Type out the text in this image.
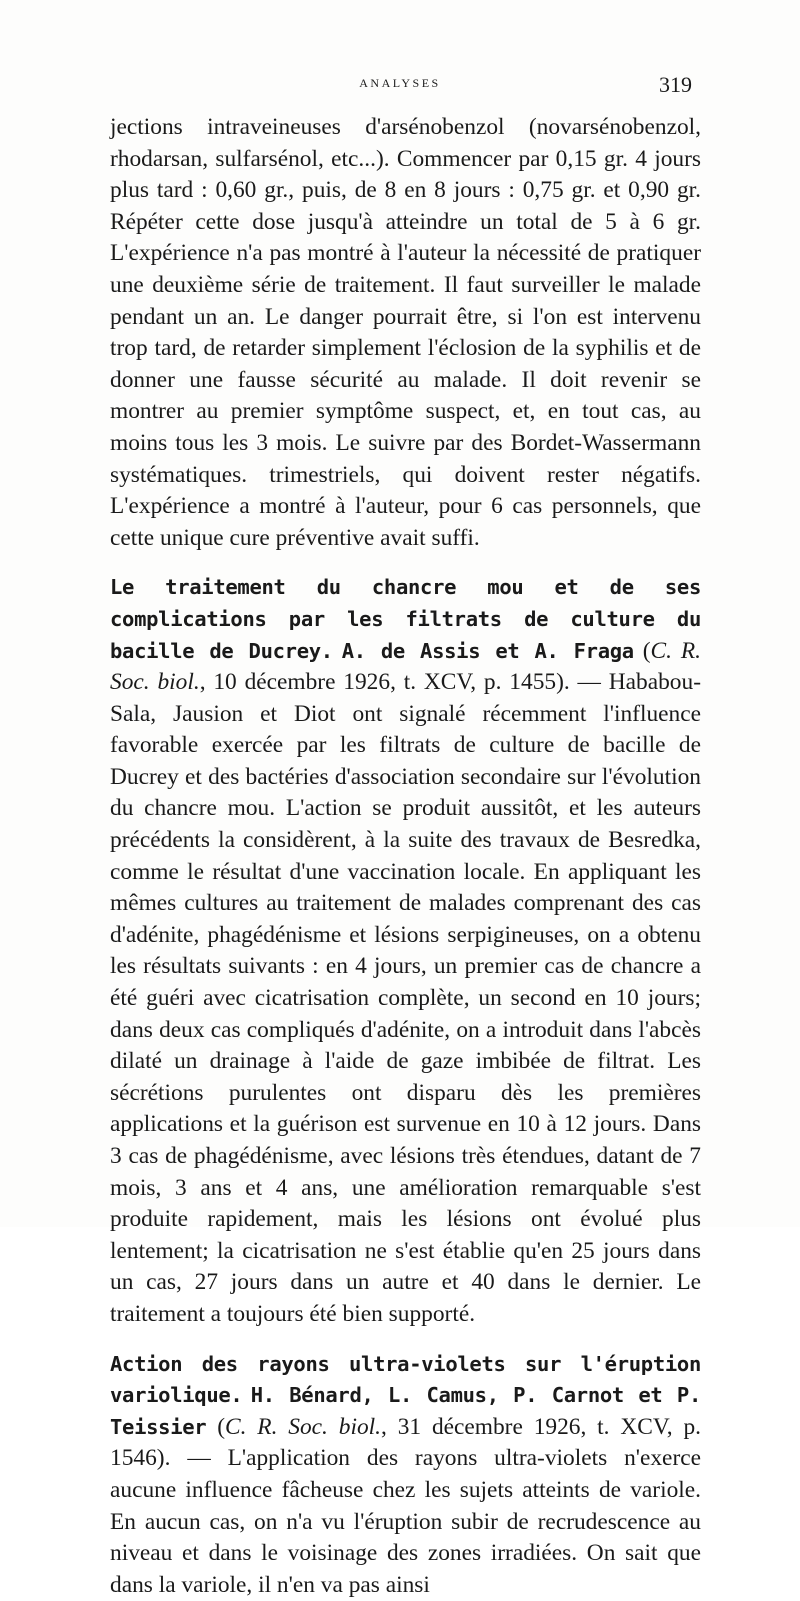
ANALYSES	319

jections intraveineuses d'arsénobenzol (novarsénobenzol, rhodarsan, sulfarsénol, etc...). Commencer par 0,15 gr. 4 jours plus tard : 0,60 gr., puis, de 8 en 8 jours : 0,75 gr. et 0,90 gr. Répéter cette dose jusqu'à atteindre un total de 5 à 6 gr. L'expérience n'a pas montré à l'auteur la nécessité de pratiquer une deuxième série de traitement. Il faut surveiller le malade pendant un an. Le danger pourrait être, si l'on est intervenu trop tard, de retarder simplement l'éclosion de la syphilis et de donner une fausse sécurité au malade. Il doit revenir se montrer au premier symptôme suspect, et, en tout cas, au moins tous les 3 mois. Le suivre par des Bordet-Wassermann systématiques. trimestriels, qui doivent rester négatifs. L'expérience a montré à l'auteur, pour 6 cas personnels, que cette unique cure préventive avait suffi.

Le traitement du chancre mou et de ses complications par les filtrats de culture du bacille de Ducrey. A. de Assis et A. Fraga (C. R. Soc. biol., 10 décembre 1926, t. XCV, p. 1455). — Hababou-Sala, Jausion et Diot ont signalé récemment l'influence favorable exercée par les filtrats de culture de bacille de Ducrey et des bactéries d'association secondaire sur l'évolution du chancre mou. L'action se produit aussitôt, et les auteurs précédents la considèrent, à la suite des travaux de Besredka, comme le résultat d'une vaccination locale. En appliquant les mêmes cultures au traitement de malades comprenant des cas d'adénite, phagédénisme et lésions serpigineuses, on a obtenu les résultats suivants : en 4 jours, un premier cas de chancre a été guéri avec cicatrisation complète, un second en 10 jours; dans deux cas compliqués d'adénite, on a introduit dans l'abcès dilaté un drainage à l'aide de gaze imbibée de filtrat. Les sécrétions purulentes ont disparu dès les premières applications et la guérison est survenue en 10 à 12 jours. Dans 3 cas de phagédénisme, avec lésions très étendues, datant de 7 mois, 3 ans et 4 ans, une amélioration remarquable s'est produite rapidement, mais les lésions ont évolué plus lentement; la cicatrisation ne s'est établie qu'en 25 jours dans un cas, 27 jours dans un autre et 40 dans le dernier. Le traitement a toujours été bien supporté.

Action des rayons ultra-violets sur l'éruption variolique. H. Bénard, L. Camus, P. Carnot et P. Teissier (C. R. Soc. biol., 31 décembre 1926, t. XCV, p. 1546). — L'application des rayons ultra-violets n'exerce aucune influence fâcheuse chez les sujets atteints de variole. En aucun cas, on n'a vu l'éruption subir de recrudescence au niveau et dans le voisinage des zones irradiées. On sait que dans la variole, il n'en va pas ainsi
